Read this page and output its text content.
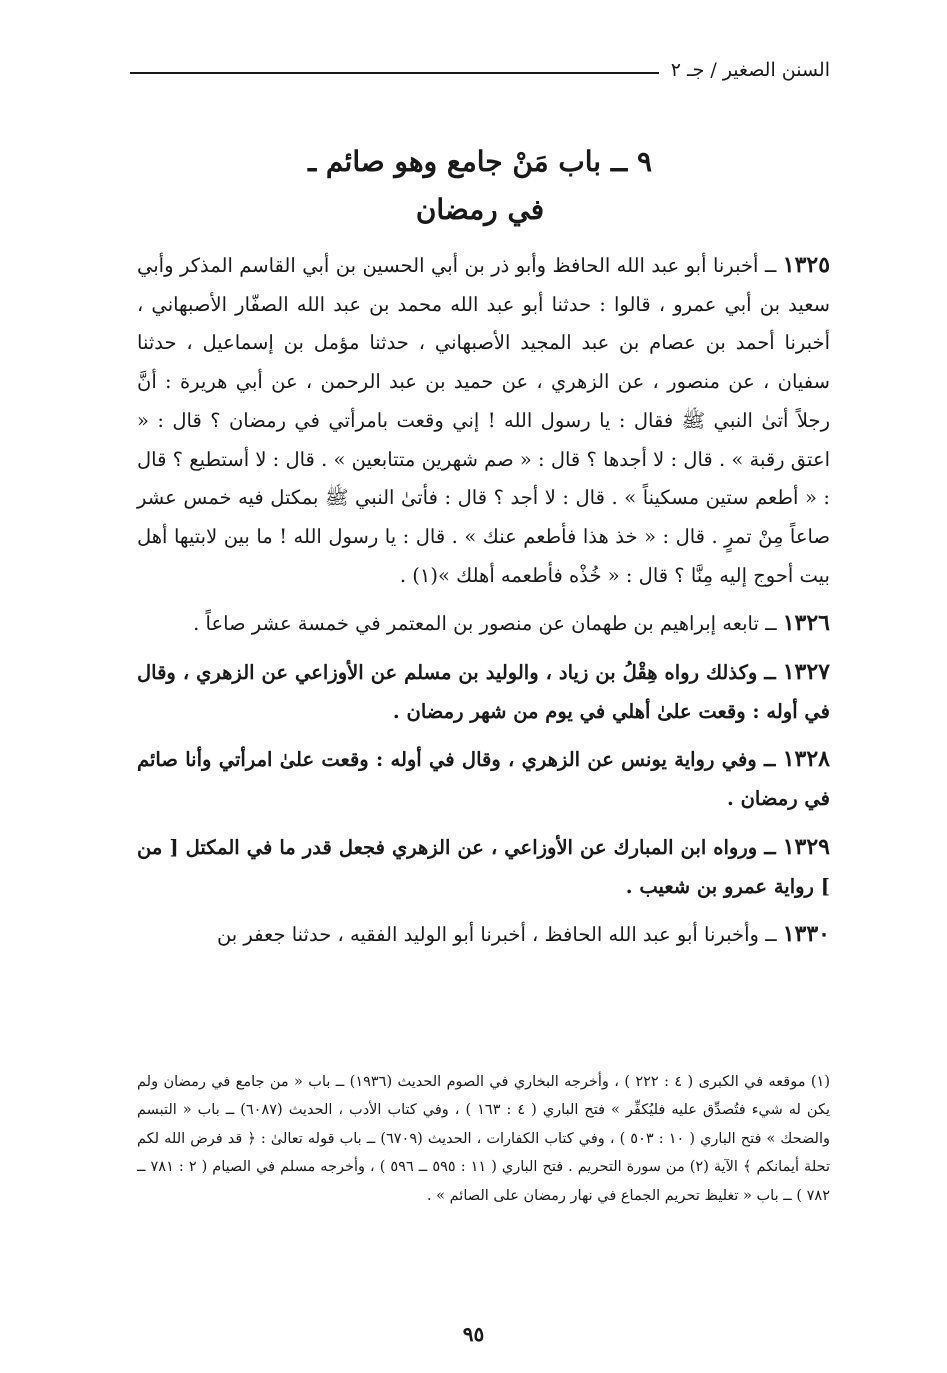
السنن الصغير / جـ ٢
٩ ــ باب مَنْ جامع وهو صائم ـ
في رمضان

١٣٢٥ ــ أخبرنا أبو عبد الله الحافظ وأبو ذر بن أبي الحسين بن أبي القاسم المذكر وأبي سعيد بن أبي عمرو ، قالوا : حدثنا أبو عبد الله محمد بن عبد الله الصفّار الأصبهاني ، أخبرنا أحمد بن عصام بن عبد المجيد الأصبهاني ، حدثنا مؤمل بن إسماعيل ، حدثنا سفيان ، عن منصور ، عن الزهري ، عن حميد بن عبد الرحمن ، عن أبي هريرة : أنَّ رجلاً أتىٰ النبي ﷺ فقال : يا رسول الله ! إني وقعت بامرأتي في رمضان ؟ قال : « اعتق رقبة » . قال : لا أجدها ؟ قال : « صم شهرين متتابعين » . قال : لا أستطيع ؟ قال : « أطعم ستين مسكيناً » . قال : لا أجد ؟ قال : فأتىٰ النبي ﷺ بمكتل فيه خمس عشر صاعاً مِنْ تمرٍ . قال : « خذ هذا فأطعم عنك » . قال : يا رسول الله ! ما بين لابتيها أهل بيت أحوج إليه مِنَّا ؟ قال : « خُذْه فأطعمه أهلك »(١) .

١٣٢٦ ــ تابعه إبراهيم بن طهمان عن منصور بن المعتمر في خمسة عشر صاعاً .

١٣٢٧ ــ وكذلك رواه هِقْلُ بن زياد ، والوليد بن مسلم عن الأوزاعي عن الزهري ، وقال في أوله : وقعت علىٰ أهلي في يوم من شهر رمضان .

١٣٢٨ ــ وفي رواية يونس عن الزهري ، وقال في أوله : وقعت علىٰ امرأتي وأنا صائم في رمضان .

١٣٢٩ ــ ورواه ابن المبارك عن الأوزاعي ، عن الزهري فجعل قدر ما في المكتل [ من ] رواية عمرو بن شعيب .

١٣٣٠ ــ وأخبرنا أبو عبد الله الحافظ ، أخبرنا أبو الوليد الفقيه ، حدثنا جعفر بن

(١) موقعه في الكبرى ( ٤ : ٢٢٢ ) ، وأخرجه البخاري في الصوم الحديث (١٩٣٦) ــ باب « من جامع في رمضان ولم يكن له شيء فتُصدِّق عليه فليُكفِّر » فتح الباري ( ٤ : ١٦٣ ) ، وفي كتاب الأدب ، الحديث (٦٠٨٧) ــ باب « التبسم والضحك » فتح الباري ( ١٠ : ٥٠٣ ) ، وفي كتاب الكفارات ، الحديث (٦٧٠٩) ــ باب قوله تعالىٰ : ﴿ قد فرض الله لكم تحلة أيمانكم ﴾ الآية (٢) من سورة التحريم . فتح الباري ( ١١ : ٥٩٥ ــ ٥٩٦ ) ، وأخرجه مسلم في الصيام ( ٢ : ٧٨١ ــ ٧٨٢ ) ــ باب « تغليظ تحريم الجماع في نهار رمضان على الصائم » .
٩٥
